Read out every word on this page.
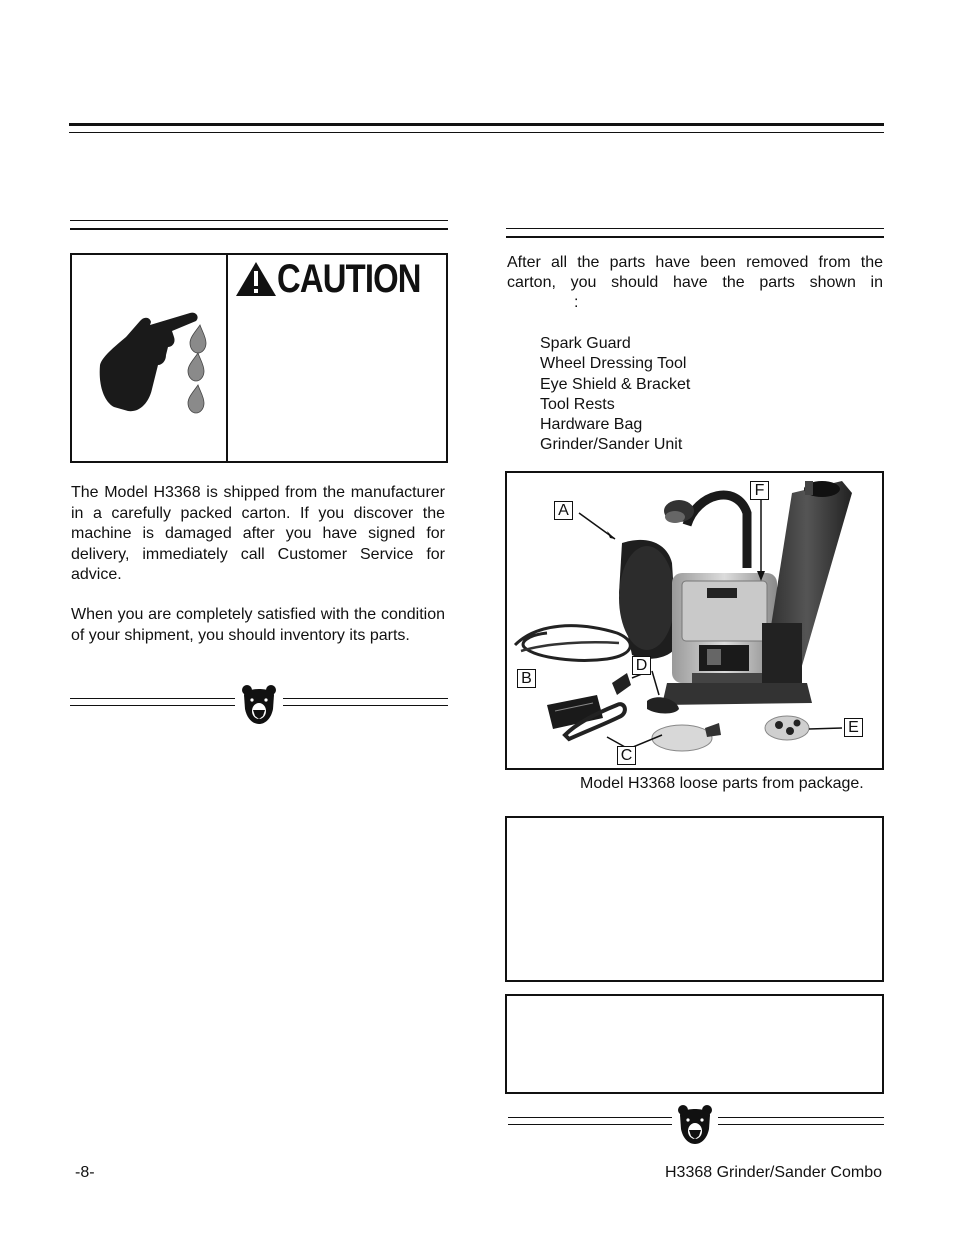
CAUTION

The Model H3368 is shipped from the manufacturer in a carefully packed carton. If you discover the machine is damaged after you have signed for delivery, immediately call Customer Service for advice.

When you are completely satisfied with the condition of your shipment, you should inventory its parts.

After all the parts have been removed from the

carton, you should have the parts shown in

:

Spark Guard
Wheel Dressing Tool
Eye Shield & Bracket
Tool Rests
Hardware Bag
Grinder/Sander Unit
A
F
D
B
E
C

Model H3368 loose parts from package.

-8-	H3368 Grinder/Sander Combo
